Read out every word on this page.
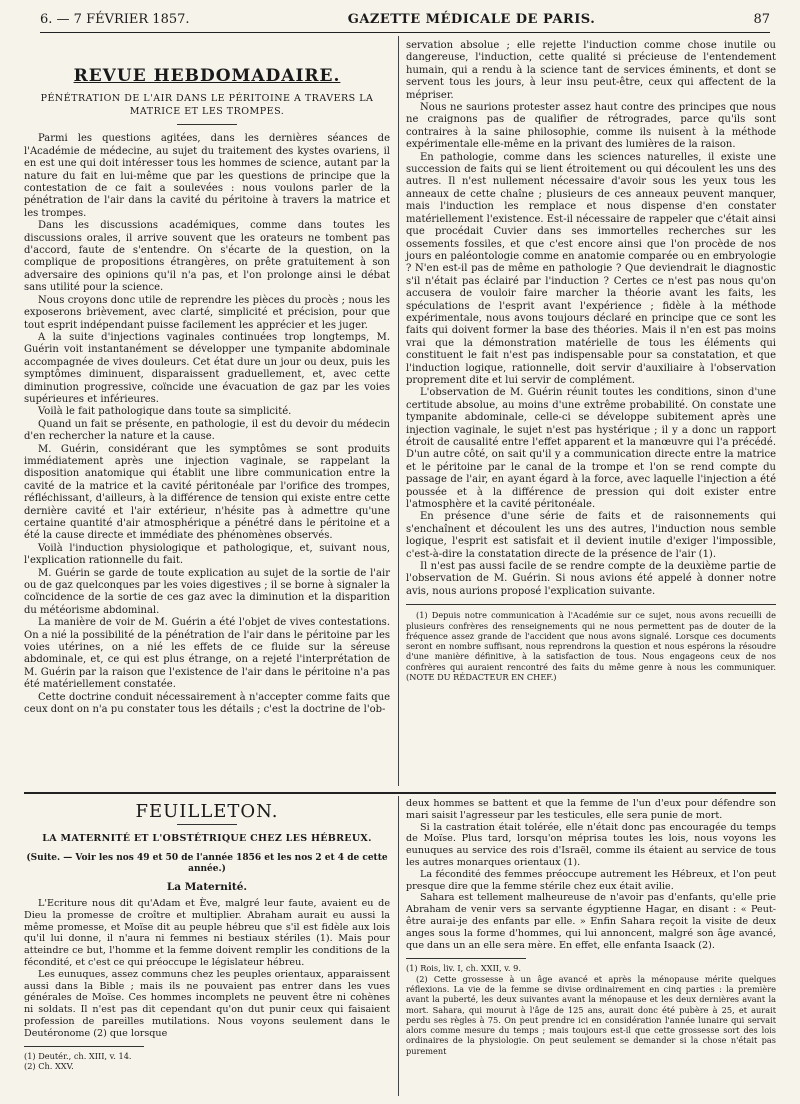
6. — 7 FÉVRIER 1857.	GAZETTE MÉDICALE DE PARIS.	87
REVUE HEBDOMADAIRE.
PÉNÉTRATION DE L'AIR DANS LE PÉRITOINE A TRAVERS LA MATRICE ET LES TROMPES.

Parmi les questions agitées, dans les dernières séances de l'Académie de médecine, au sujet du traitement des kystes ovariens, il en est une qui doit intéresser tous les hommes de science, autant par la nature du fait en lui-même que par les questions de principe que la contestation de ce fait a soulevées : nous voulons parler de la pénétration de l'air dans la cavité du péritoine à travers la matrice et les trompes.

Dans les discussions académiques, comme dans toutes les discussions orales, il arrive souvent que les orateurs ne tombent pas d'accord, faute de s'entendre. On s'écarte de la question, on la complique de propositions étrangères, on prête gratuitement à son adversaire des opinions qu'il n'a pas, et l'on prolonge ainsi le débat sans utilité pour la science.

Nous croyons donc utile de reprendre les pièces du procès ; nous les exposerons brièvement, avec clarté, simplicité et précision, pour que tout esprit indépendant puisse facilement les apprécier et les juger.

A la suite d'injections vaginales continuées trop longtemps, M. Guérin voit instantanément se développer une tympanite abdominale accompagnée de vives douleurs. Cet état dure un jour ou deux, puis les symptômes diminuent, disparaissent graduellement, et, avec cette diminution progressive, coïncide une évacuation de gaz par les voies supérieures et inférieures.

Voilà le fait pathologique dans toute sa simplicité.

Quand un fait se présente, en pathologie, il est du devoir du médecin d'en rechercher la nature et la cause.

M. Guérin, considérant que les symptômes se sont produits immédiatement après une injection vaginale, se rappelant la disposition anatomique qui établit une libre communication entre la cavité de la matrice et la cavité péritonéale par l'orifice des trompes, réfléchissant, d'ailleurs, à la différence de tension qui existe entre cette dernière cavité et l'air extérieur, n'hésite pas à admettre qu'une certaine quantité d'air atmosphérique a pénétré dans le péritoine et a été la cause directe et immédiate des phénomènes observés.

Voilà l'induction physiologique et pathologique, et, suivant nous, l'explication rationnelle du fait.

M. Guérin se garde de toute explication au sujet de la sortie de l'air ou de gaz quelconques par les voies digestives ; il se borne à signaler la coïncidence de la sortie de ces gaz avec la diminution et la disparition du météorisme abdominal.

La manière de voir de M. Guérin a été l'objet de vives contestations. On a nié la possibilité de la pénétration de l'air dans le péritoine par les voies utérines, on a nié les effets de ce fluide sur la séreuse abdominale, et, ce qui est plus étrange, on a rejeté l'interprétation de M. Guérin par la raison que l'existence de l'air dans le péritoine n'a pas été matériellement constatée.

Cette doctrine conduit nécessairement à n'accepter comme faits que ceux dont on n'a pu constater tous les détails ; c'est la doctrine de l'ob-

servation absolue ; elle rejette l'induction comme chose inutile ou dangereuse, l'induction, cette qualité si précieuse de l'entendement humain, qui a rendu à la science tant de services éminents, et dont se servent tous les jours, à leur insu peut-être, ceux qui affectent de la mépriser.

Nous ne saurions protester assez haut contre des principes que nous ne craignons pas de qualifier de rétrogrades, parce qu'ils sont contraires à la saine philosophie, comme ils nuisent à la méthode expérimentale elle-même en la privant des lumières de la raison.

En pathologie, comme dans les sciences naturelles, il existe une succession de faits qui se lient étroitement ou qui découlent les uns des autres. Il n'est nullement nécessaire d'avoir sous les yeux tous les anneaux de cette chaîne ; plusieurs de ces anneaux peuvent manquer, mais l'induction les remplace et nous dispense d'en constater matériellement l'existence. Est-il nécessaire de rappeler que c'était ainsi que procédait Cuvier dans ses immortelles recherches sur les ossements fossiles, et que c'est encore ainsi que l'on procède de nos jours en paléontologie comme en anatomie comparée ou en embryologie ? N'en est-il pas de même en pathologie ? Que deviendrait le diagnostic s'il n'était pas éclairé par l'induction ? Certes ce n'est pas nous qu'on accusera de vouloir faire marcher la théorie avant les faits, les spéculations de l'esprit avant l'expérience ; fidèle à la méthode expérimentale, nous avons toujours déclaré en principe que ce sont les faits qui doivent former la base des théories. Mais il n'en est pas moins vrai que la démonstration matérielle de tous les éléments qui constituent le fait n'est pas indispensable pour sa constatation, et que l'induction logique, rationnelle, doit servir d'auxiliaire à l'observation proprement dite et lui servir de complément.

L'observation de M. Guérin réunit toutes les conditions, sinon d'une certitude absolue, au moins d'une extrême probabilité. On constate une tympanite abdominale, celle-ci se développe subitement après une injection vaginale, le sujet n'est pas hystérique ; il y a donc un rapport étroit de causalité entre l'effet apparent et la manœuvre qui l'a précédé. D'un autre côté, on sait qu'il y a communication directe entre la matrice et le péritoine par le canal de la trompe et l'on se rend compte du passage de l'air, en ayant égard à la force, avec laquelle l'injection a été poussée et à la différence de pression qui doit exister entre l'atmosphère et la cavité péritonéale.

En présence d'une série de faits et de raisonnements qui s'enchaînent et découlent les uns des autres, l'induction nous semble logique, l'esprit est satisfait et il devient inutile d'exiger l'impossible, c'est-à-dire la constatation directe de la présence de l'air (1).

Il n'est pas aussi facile de se rendre compte de la deuxième partie de l'observation de M. Guérin. Si nous avions été appelé à donner notre avis, nous aurions proposé l'explication suivante.

(1) Depuis notre communication à l'Académie sur ce sujet, nous avons recueilli de plusieurs confrères des renseignements qui ne nous permettent pas de douter de la fréquence assez grande de l'accident que nous avons signalé. Lorsque ces documents seront en nombre suffisant, nous reprendrons la question et nous espérons la résoudre d'une manière définitive, à la satisfaction de tous. Nous engageons ceux de nos confrères qui auraient rencontré des faits du même genre à nous les communiquer. (NOTE DU RÉDACTEUR EN CHEF.)

FEUILLETON.
LA MATERNITÉ ET L'OBSTÉTRIQUE CHEZ LES HÉBREUX.
(Suite. — Voir les nos 49 et 50 de l'année 1856 et les nos 2 et 4 de cette année.)
La Maternité.

L'Ecriture nous dit qu'Adam et Ève, malgré leur faute, avaient eu de Dieu la promesse de croître et multiplier. Abraham aurait eu aussi la même promesse, et Moïse dit au peuple hébreu que s'il est fidèle aux lois qu'il lui donne, il n'aura ni femmes ni bestiaux stériles (1). Mais pour atteindre ce but, l'homme et la femme doivent remplir les conditions de la fécondité, et c'est ce qui préoccupe le législateur hébreu.

Les eunuques, assez communs chez les peuples orientaux, apparaissent aussi dans la Bible ; mais ils ne pouvaient pas entrer dans les vues générales de Moïse. Ces hommes incomplets ne peuvent être ni cohènes ni soldats. Il n'est pas dit cependant qu'on dut punir ceux qui faisaient profession de pareilles mutilations. Nous voyons seulement dans le Deutéronome (2) que lorsque

(1) Deutér., ch. XIII, v. 14.
(2) Ch. XXV.

deux hommes se battent et que la femme de l'un d'eux pour défendre son mari saisit l'agresseur par les testicules, elle sera punie de mort.

Si la castration était tolérée, elle n'était donc pas encouragée du temps de Moïse. Plus tard, lorsqu'on méprisa toutes les lois, nous voyons les eunuques au service des rois d'Israël, comme ils étaient au service de tous les autres monarques orientaux (1).

La fécondité des femmes préoccupe autrement les Hébreux, et l'on peut presque dire que la femme stérile chez eux était avilie.

Sahara est tellement malheureuse de n'avoir pas d'enfants, qu'elle prie Abraham de venir vers sa servante égyptienne Hagar, en disant : « Peut-être aurai-je des enfants par elle. » Enfin Sahara reçoit la visite de deux anges sous la forme d'hommes, qui lui annoncent, malgré son âge avancé, que dans un an elle sera mère. En effet, elle enfanta Isaack (2).

(1) Rois, liv. I, ch. XXII, v. 9.

(2) Cette grossesse à un âge avancé et après la ménopause mérite quelques réflexions. La vie de la femme se divise ordinairement en cinq parties : la première avant la puberté, les deux suivantes avant la ménopause et les deux dernières avant la mort. Sahara, qui mourut à l'âge de 125 ans, aurait donc été pubère à 25, et aurait perdu ses règles à 75. On peut prendre ici en considération l'année lunaire qui servait alors comme mesure du temps ; mais toujours est-il que cette grossesse sort des lois ordinaires de la physiologie. On peut seulement se demander si la chose n'était pas purement
